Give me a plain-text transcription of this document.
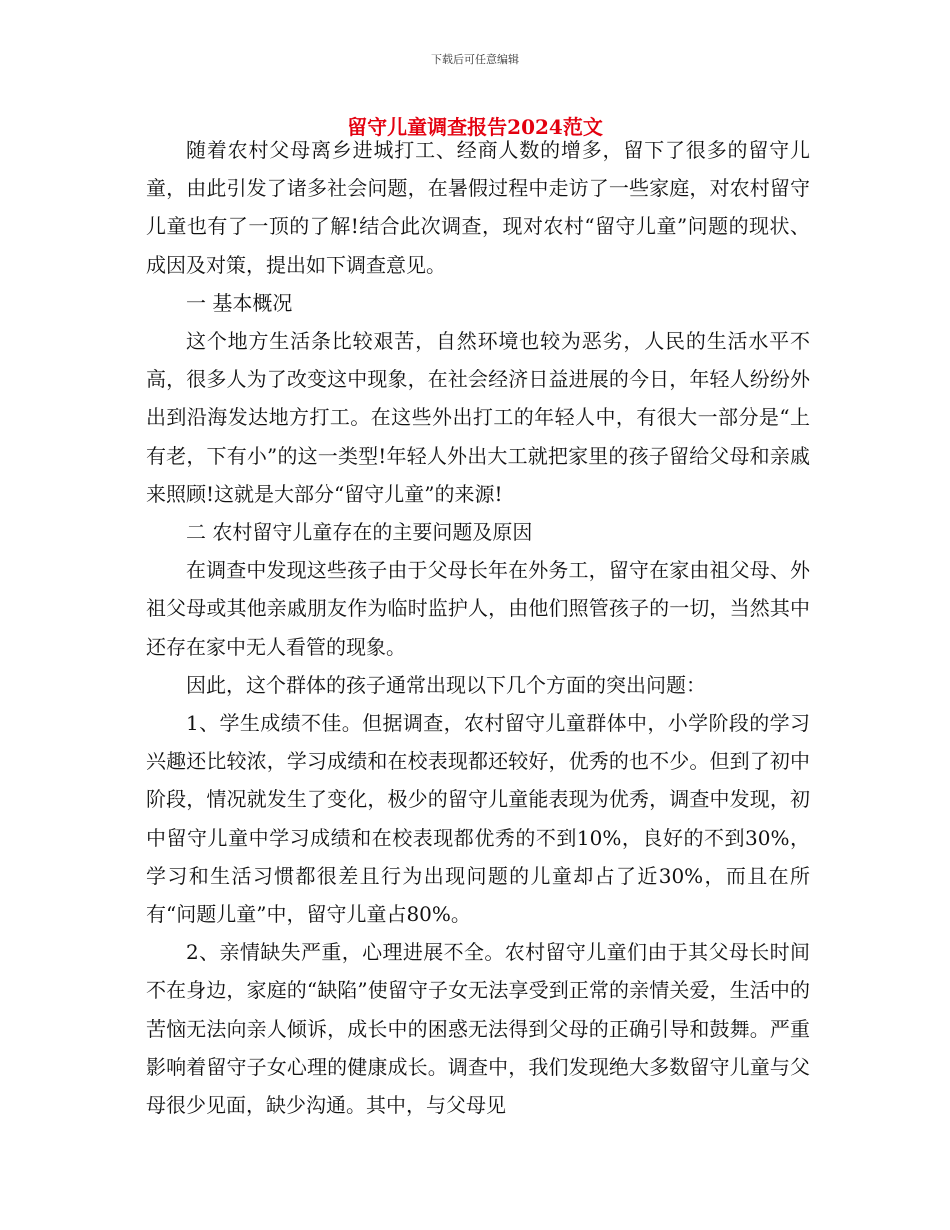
下载后可任意编辑
留守儿童调查报告2024范文

随着农村父母离乡进城打工、经商人数的增多，留下了很多的留守儿童，由此引发了诸多社会问题，在暑假过程中走访了一些家庭，对农村留守儿童也有了一顶的了解!结合此次调查，现对农村“留守儿童”问题的现状、成因及对策，提出如下调查意见。

一 基本概况

这个地方生活条比较艰苦，自然环境也较为恶劣，人民的生活水平不高，很多人为了改变这中现象，在社会经济日益进展的今日，年轻人纷纷外出到沿海发达地方打工。在这些外出打工的年轻人中，有很大一部分是“上有老，下有小”的这一类型!年轻人外出大工就把家里的孩子留给父母和亲戚来照顾!这就是大部分“留守儿童”的来源!

二 农村留守儿童存在的主要问题及原因

在调查中发现这些孩子由于父母长年在外务工，留守在家由祖父母、外祖父母或其他亲戚朋友作为临时监护人，由他们照管孩子的一切，当然其中还存在家中无人看管的现象。

因此，这个群体的孩子通常出现以下几个方面的突出问题：

1、学生成绩不佳。但据调查，农村留守儿童群体中，小学阶段的学习兴趣还比较浓，学习成绩和在校表现都还较好，优秀的也不少。但到了初中阶段，情况就发生了变化，极少的留守儿童能表现为优秀，调查中发现，初中留守儿童中学习成绩和在校表现都优秀的不到10%，良好的不到30%，学习和生活习惯都很差且行为出现问题的儿童却占了近30%，而且在所有“问题儿童”中，留守儿童占80%。

2、亲情缺失严重，心理进展不全。农村留守儿童们由于其父母长时间不在身边，家庭的“缺陷”使留守子女无法享受到正常的亲情关爱，生活中的苦恼无法向亲人倾诉，成长中的困惑无法得到父母的正确引导和鼓舞。严重影响着留守子女心理的健康成长。调查中，我们发现绝大多数留守儿童与父母很少见面，缺少沟通。其中，与父母见
